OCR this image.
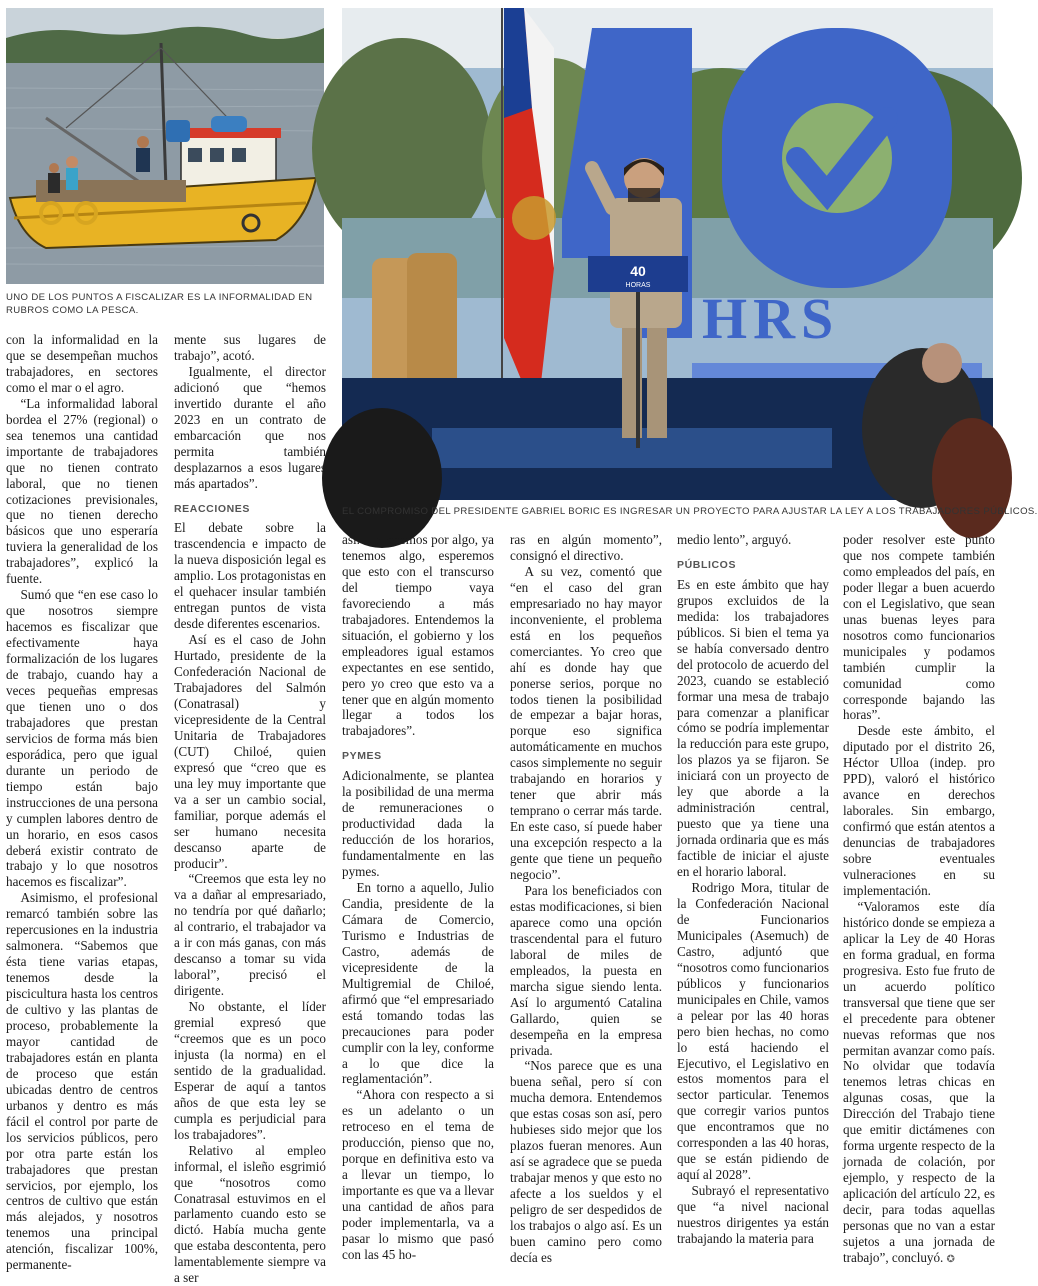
UNO DE LOS PUNTOS A FISCALIZAR ES LA INFORMALIDAD EN RUBROS COMO LA PESCA.	HRS
40
HORAS
EL COMPROMISO DEL PRESIDENTE GABRIEL BORIC ES INGRESAR UN PROYECTO PARA AJUSTAR LA LEY A LOS TRABAJADORES PÚBLICOS.

con la informalidad en la que se desempeñan muchos trabajadores, en sectores como el mar o el agro.

“La informalidad laboral bordea el 27% (regional) o sea tenemos una cantidad importante de trabajadores que no tienen contrato laboral, que no tienen cotizaciones previsionales, que no tienen derecho básicos que uno esperaría tuviera la generalidad de los trabajadores”, explicó la fuente.

Sumó que “en ese caso lo que nosotros siempre hacemos es fiscalizar que efectivamente haya formalización de los lugares de trabajo, cuando hay a veces pequeñas empresas que tienen uno o dos trabajadores que prestan servicios de forma más bien esporádica, pero que igual durante un periodo de tiempo están bajo instrucciones de una persona y cumplen labores dentro de un horario, en esos casos deberá existir contrato de trabajo y lo que nosotros hacemos es fiscalizar”.

Asimismo, el profesional remarcó también sobre las repercusiones en la industria salmonera. “Sabemos que ésta tiene varias etapas, tenemos desde la piscicultura hasta los centros de cultivo y las plantas de proceso, probablemente la mayor cantidad de trabajadores están en planta de proceso que están ubicadas dentro de centros urbanos y dentro es más fácil el control por parte de los servicios públicos, pero por otra parte están los trabajadores que prestan servicios, por ejemplo, los centros de cultivo que están más alejados, y nosotros tenemos una principal atención, fiscalizar 100%, permanente-

mente sus lugares de trabajo”, acotó.

Igualmente, el director adicionó que “hemos invertido durante el año 2023 en un contrato de embarcación que nos permita también desplazarnos a esos lugares más apartados”.

REACCIONES

El debate sobre la trascendencia e impacto de la nueva disposición legal es amplio. Los protagonistas en el quehacer insular también entregan puntos de vista desde diferentes escenarios.

Así es el caso de John Hurtado, presidente de la Confederación Nacional de Trabajadores del Salmón (Conatrasal) y vicepresidente de la Central Unitaria de Trabajadores (CUT) Chiloé, quien expresó que “creo que es una ley muy importante que va a ser un cambio social, familiar, porque además el ser humano necesita descanso aparte de producir”.

“Creemos que esta ley no va a dañar al empresariado, no tendría por qué dañarlo; al contrario, el trabajador va a ir con más ganas, con más descanso a tomar su vida laboral”, precisó el dirigente.

No obstante, el líder gremial expresó que “creemos que es un poco injusta (la norma) en el sentido de la gradualidad. Esperar de aquí a tantos años de que esta ley se cumpla es perjudicial para los trabajadores”.

Relativo al empleo informal, el isleño esgrimió que “nosotros como Conatrasal estuvimos en el parlamento cuando esto se dictó. Había mucha gente que estaba descontenta, pero lamentablemente siempre va a ser

así. Empecemos por algo, ya tenemos algo, esperemos que esto con el transcurso del tiempo vaya favoreciendo a más trabajadores. Entendemos la situación, el gobierno y los empleadores igual estamos expectantes en ese sentido, pero yo creo que esto va a tener que en algún momento llegar a todos los trabajadores”.

PYMES

Adicionalmente, se plantea la posibilidad de una merma de remuneraciones o productividad dada la reducción de los horarios, fundamentalmente en las pymes.

En torno a aquello, Julio Candia, presidente de la Cámara de Comercio, Turismo e Industrias de Castro, además de vicepresidente de la Multigremial de Chiloé, afirmó que “el empresariado está tomando todas las precauciones para poder cumplir con la ley, conforme a lo que dice la reglamentación”.

“Ahora con respecto a si es un adelanto o un retroceso en el tema de producción, pienso que no, porque en definitiva esto va a llevar un tiempo, lo importante es que va a llevar una cantidad de años para poder implementarla, va a pasar lo mismo que pasó con las 45 ho-

ras en algún momento”, consignó el directivo.

A su vez, comentó que “en el caso del gran empresariado no hay mayor inconveniente, el problema está en los pequeños comerciantes. Yo creo que ahí es donde hay que ponerse serios, porque no todos tienen la posibilidad de empezar a bajar horas, porque eso significa automáticamente en muchos casos simplemente no seguir trabajando en horarios y tener que abrir más temprano o cerrar más tarde. En este caso, sí puede haber una excepción respecto a la gente que tiene un pequeño negocio”.

Para los beneficiados con estas modificaciones, si bien aparece como una opción trascendental para el futuro laboral de miles de empleados, la puesta en marcha sigue siendo lenta. Así lo argumentó Catalina Gallardo, quien se desempeña en la empresa privada.

“Nos parece que es una buena señal, pero sí con mucha demora. Entendemos que estas cosas son así, pero hubieses sido mejor que los plazos fueran menores. Aun así se agradece que se pueda trabajar menos y que esto no afecte a los sueldos y el peligro de ser despedidos de los trabajos o algo así. Es un buen camino pero como decía es

medio lento”, arguyó.

PÚBLICOS

Es en este ámbito que hay grupos excluidos de la medida: los trabajadores públicos. Si bien el tema ya se había conversado dentro del protocolo de acuerdo del 2023, cuando se estableció formar una mesa de trabajo para comenzar a planificar cómo se podría implementar la reducción para este grupo, los plazos ya se fijaron. Se iniciará con un proyecto de ley que aborde a la administración central, puesto que ya tiene una jornada ordinaria que es más factible de iniciar el ajuste en el horario laboral.

Rodrigo Mora, titular de la Confederación Nacional de Funcionarios Municipales (Asemuch) de Castro, adjuntó que “nosotros como funcionarios públicos y funcionarios municipales en Chile, vamos a pelear por las 40 horas pero bien hechas, no como lo está haciendo el Ejecutivo, el Legislativo en estos momentos para el sector particular. Tenemos que corregir varios puntos que encontramos que no corresponden a las 40 horas, que se están pidiendo de aquí al 2028”.

Subrayó el representativo que “a nivel nacional nuestros dirigentes ya están trabajando la materia para

poder resolver este punto que nos compete también como empleados del país, en poder llegar a buen acuerdo con el Legislativo, que sean unas buenas leyes para nosotros como funcionarios municipales y podamos también cumplir la comunidad como corresponde bajando las horas”.

Desde este ámbito, el diputado por el distrito 26, Héctor Ulloa (indep. pro PPD), valoró el histórico avance en derechos laborales. Sin embargo, confirmó que están atentos a denuncias de trabajadores sobre eventuales vulneraciones en su implementación.

“Valoramos este día histórico donde se empieza a aplicar la Ley de 40 Horas en forma gradual, en forma progresiva. Esto fue fruto de un acuerdo político transversal que tiene que ser el precedente para obtener nuevas reformas que nos permitan avanzar como país. No olvidar que todavía tenemos letras chicas en algunas cosas, que la Dirección del Trabajo tiene que emitir dictámenes con forma urgente respecto de la jornada de colación, por ejemplo, y respecto de la aplicación del artículo 22, es decir, para todas aquellas personas que no van a estar sujetos a una jornada de trabajo”, concluyó. ✪
